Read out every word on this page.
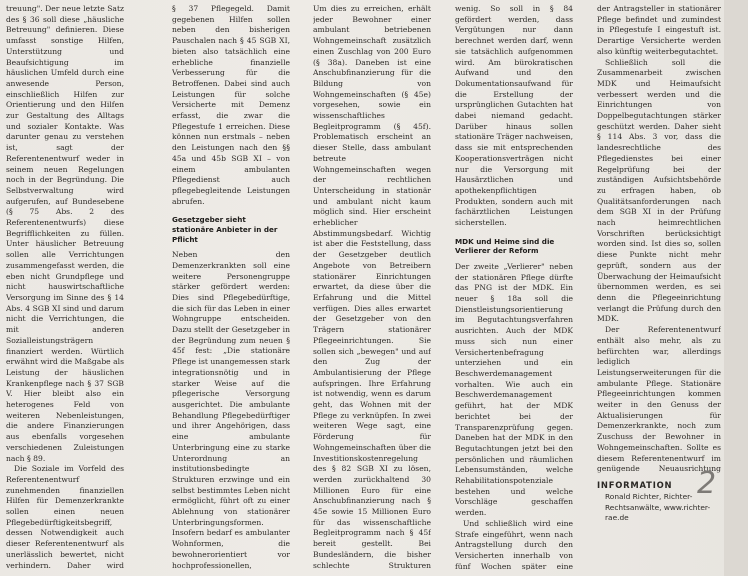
treuung". Der neue letzte Satz des § 36 soll diese „häusliche Betreuung" definieren. Diese umfasst sonstige Hilfen, Unterstützung und Beaufsichtigung im häuslichen Umfeld durch eine anwesende Person, einschließlich Hilfen zur Orientierung und den Hilfen zur Gestaltung des Alltags und sozialer Kontakte. Was darunter genau zu verstehen ist, sagt der Referentenentwurf weder in seinem neuen Regelungen noch in der Begründung. Die Selbstverwaltung wird aufgerufen, auf Bundesebene (§ 75 Abs. 2 des Referentenentwurfs) diese Begrifflichkeiten zu füllen. Unter häuslicher Betreuung sollen alle Verrichtungen zusammengefasst werden, die eben nicht Grundpflege und nicht hauswirtschaftliche Versorgung im Sinne des § 14 Abs. 4 SGB XI sind und darum nicht die Verrichtungen, die mit anderen Sozialleistungsträgern finanziert werden. Würtlich erwähnt wird die Maßgabe als Leistung der häuslichen Krankenpflege nach § 37 SGB V. Hier bleibt also ein heterogenes Feld von weiteren Nebenleistungen, die andere Finanzierungen aus ebenfalls vorgesehen verschiedenen Zuleistungen nach § 89.

Die Soziale im Vorfeld des Referentenentwurf zunehmenden finanziellen Hilfen für Demenzerkrankte sollen einen neuen Pflegebedürftigkeitsbegriff, dessen Notwendigkeit auch dieser Referentenentwurf als unerlässlich bewertet, nicht verhindern. Daher wird

§ 37 Pflegegeld. Damit gegebenen Hilfen sollen neben den bisherigen Pauschalen nach § 45 SGB XI, bieten also tatsächlich eine erhebliche finanzielle Verbesserung für die Betroffenen. Dabei sind auch Leistungen für solche Versicherte mit Demenz erfasst, die zwar die Pflegestufe 1 erreichen. Diese können nun erstmals – neben den Leistungen nach den §§ 45a und 45b SGB XI – von einem ambulanten Pflegedienst auch pflegebegleitende Leistungen abrufen.

Gesetzgeber sieht stationäre Anbieter in der Pflicht

Neben den Demenzerkrankten soll eine weitere Personengruppe stärker gefördert werden: Dies sind Pflegebedürftige, die sich für das Leben in einer Wohngruppe entscheiden. Dazu stellt der Gesetzgeber in der Begründung zum neuen § 45f fest: „Die stationäre Pflege ist unangemessen stark integrationsnötig und in starker Weise auf die pflegerische Versorgung ausgerichtet. Die ambulante Behandlung Pflegebedürftiger und ihrer Angehörigen, dass eine ambulante Unterbringung eine zu starke Unterordnung an institutionsbedingte Strukturen erzwinge und ein selbst bestimmtes Leben nicht ermöglicht, führt oft zu einer Ablehnung von stationärer Unterbringungsformen. Insofern bedarf es ambulanter Wohnformen, die bewohnerorientiert vor hochprofessionellen,

Um dies zu erreichen, erhält jeder Bewohner einer ambulant betriebenen Wohngemeinschaft zusätzlich einen Zuschlag von 200 Euro (§ 38a). Daneben ist eine Anschubfinanzierung für die Bildung von Wohngemeinschaften (§ 45e) vorgesehen, sowie ein wissenschaftliches Begleitprogramm (§ 45f). Problematisch erscheint an dieser Stelle, dass ambulant betreute Wohngemeinschaften wegen der rechtlichen Unterscheidung in stationär und ambulant nicht kaum möglich sind. Hier erscheint erheblicher Abstimmungsbedarf. Wichtig ist aber die Feststellung, dass der Gesetzgeber deutlich Angebote von Betreibern stationärer Einrichtungen erwartet, da diese über die Erfahrung und die Mittel verfügen. Dies alles erwartet der Gesetzgeber von den Trägern stationärer Pflegeeinrichtungen. Sie sollen sich „bewegen" und auf den Zug der Ambulantisierung der Pflege aufspringen. Ihre Erfahrung ist notwendig, wenn es darum geht, das Wohnen mit der Pflege zu verknüpfen. In zwei weiteren Wege sagt, eine Förderung für Wohngemeinschaften über die Investitionskostenregelung des § 82 SGB XI zu lösen, werden zurückhaltend 30 Millionen Euro für eine Anschubfinanzierung nach § 45e sowie 15 Millionen Euro für das wissenschaftliche Begleitprogramm nach § 45f bereit gestellt. Bei Bundesländern, die bisher schlechte Strukturen

wenig. So soll in § 84 gefördert werden, dass Vergütungen nur dann berechnet werden darf, wenn sie tatsächlich aufgenommen wird. Am bürokratischen Aufwand und den Dokumentationsaufwand für die Erstellung der ursprünglichen Gutachten hat dabei niemand gedacht. Darüber hinaus sollen stationäre Träger nachweisen, dass sie mit entsprechenden Kooperationsverträgen nicht nur die Versorgung mit Hausärztlichen und apothekenpflichtigen Produkten, sondern auch mit fachärztlichen Leistungen sicherstellen.

MDK und Heime sind die Verlierer der Reform

Der zweite „Verlierer" neben der stationären Pflege dürfte das PNG ist der MDK. Ein neuer § 18a soll die Dienstleistungsorientierung im Begutachtungsverfahren ausrichten. Auch der MDK muss sich nun einer Versichertenbefragung unterziehen und ein Beschwerdemanagement vorhalten. Wie auch ein Beschwerdemanagement geführt, hat der MDK berichtet bei der Transparenzprüfung gegen. Daneben hat der MDK in den Begutachtungen jetzt bei den persönlichen und räumlichen Lebensumständen, welche Rehabilitationspotenziale bestehen und welche Vorschläge geschaffen werden.

Und schließlich wird eine Strafe eingeführt, wenn nach Antragstellung durch den Versicherten innerhalb von fünf Wochen später eine

der Antragsteller in stationärer Pflege befindet und zumindest in Pflegestufe I eingestuft ist. Derartige Versicherte werden also künftig weiterbegutachtet.

Schließlich soll die Zusammenarbeit zwischen MDK und Heimaufsicht verbessert werden und die Einrichtungen von Doppelbegutachtungen stärker geschützt werden. Daher sieht § 114 Abs. 3 vor, dass die landesrechtliche des Pflegedienstes bei einer Regelprüfung bei der zuständigen Aufsichtsbehörde zu erfragen haben, ob Qualitätsanforderungen nach dem SGB XI in der Prüfung nach heimrechtlichen Vorschriften berücksichtigt worden sind. Ist dies so, sollen diese Punkte nicht mehr geprüft, sondern aus der Überwachung der Heimaufsicht übernommen werden, es sei denn die Pflegeeinrichtung verlangt die Prüfung durch den MDK.

Der Referentenentwurf enthält also mehr, als zu befürchten war, allerdings lediglich Leistungserweiterungen für die ambulante Pflege. Stationäre Pflegeeinrichtungen kommen weiter in den Genuss der Aktualisierungen für Demenzerkrankte, noch zum Zuschuss der Bewohner in Wohngemeinschaften. Sollte es diesem Referentenentwurf im genügende Neuausrichtung

INFORMATION 2
Ronald Richter, Richter-
Rechtsanwälte, www.richter-
rae.de
